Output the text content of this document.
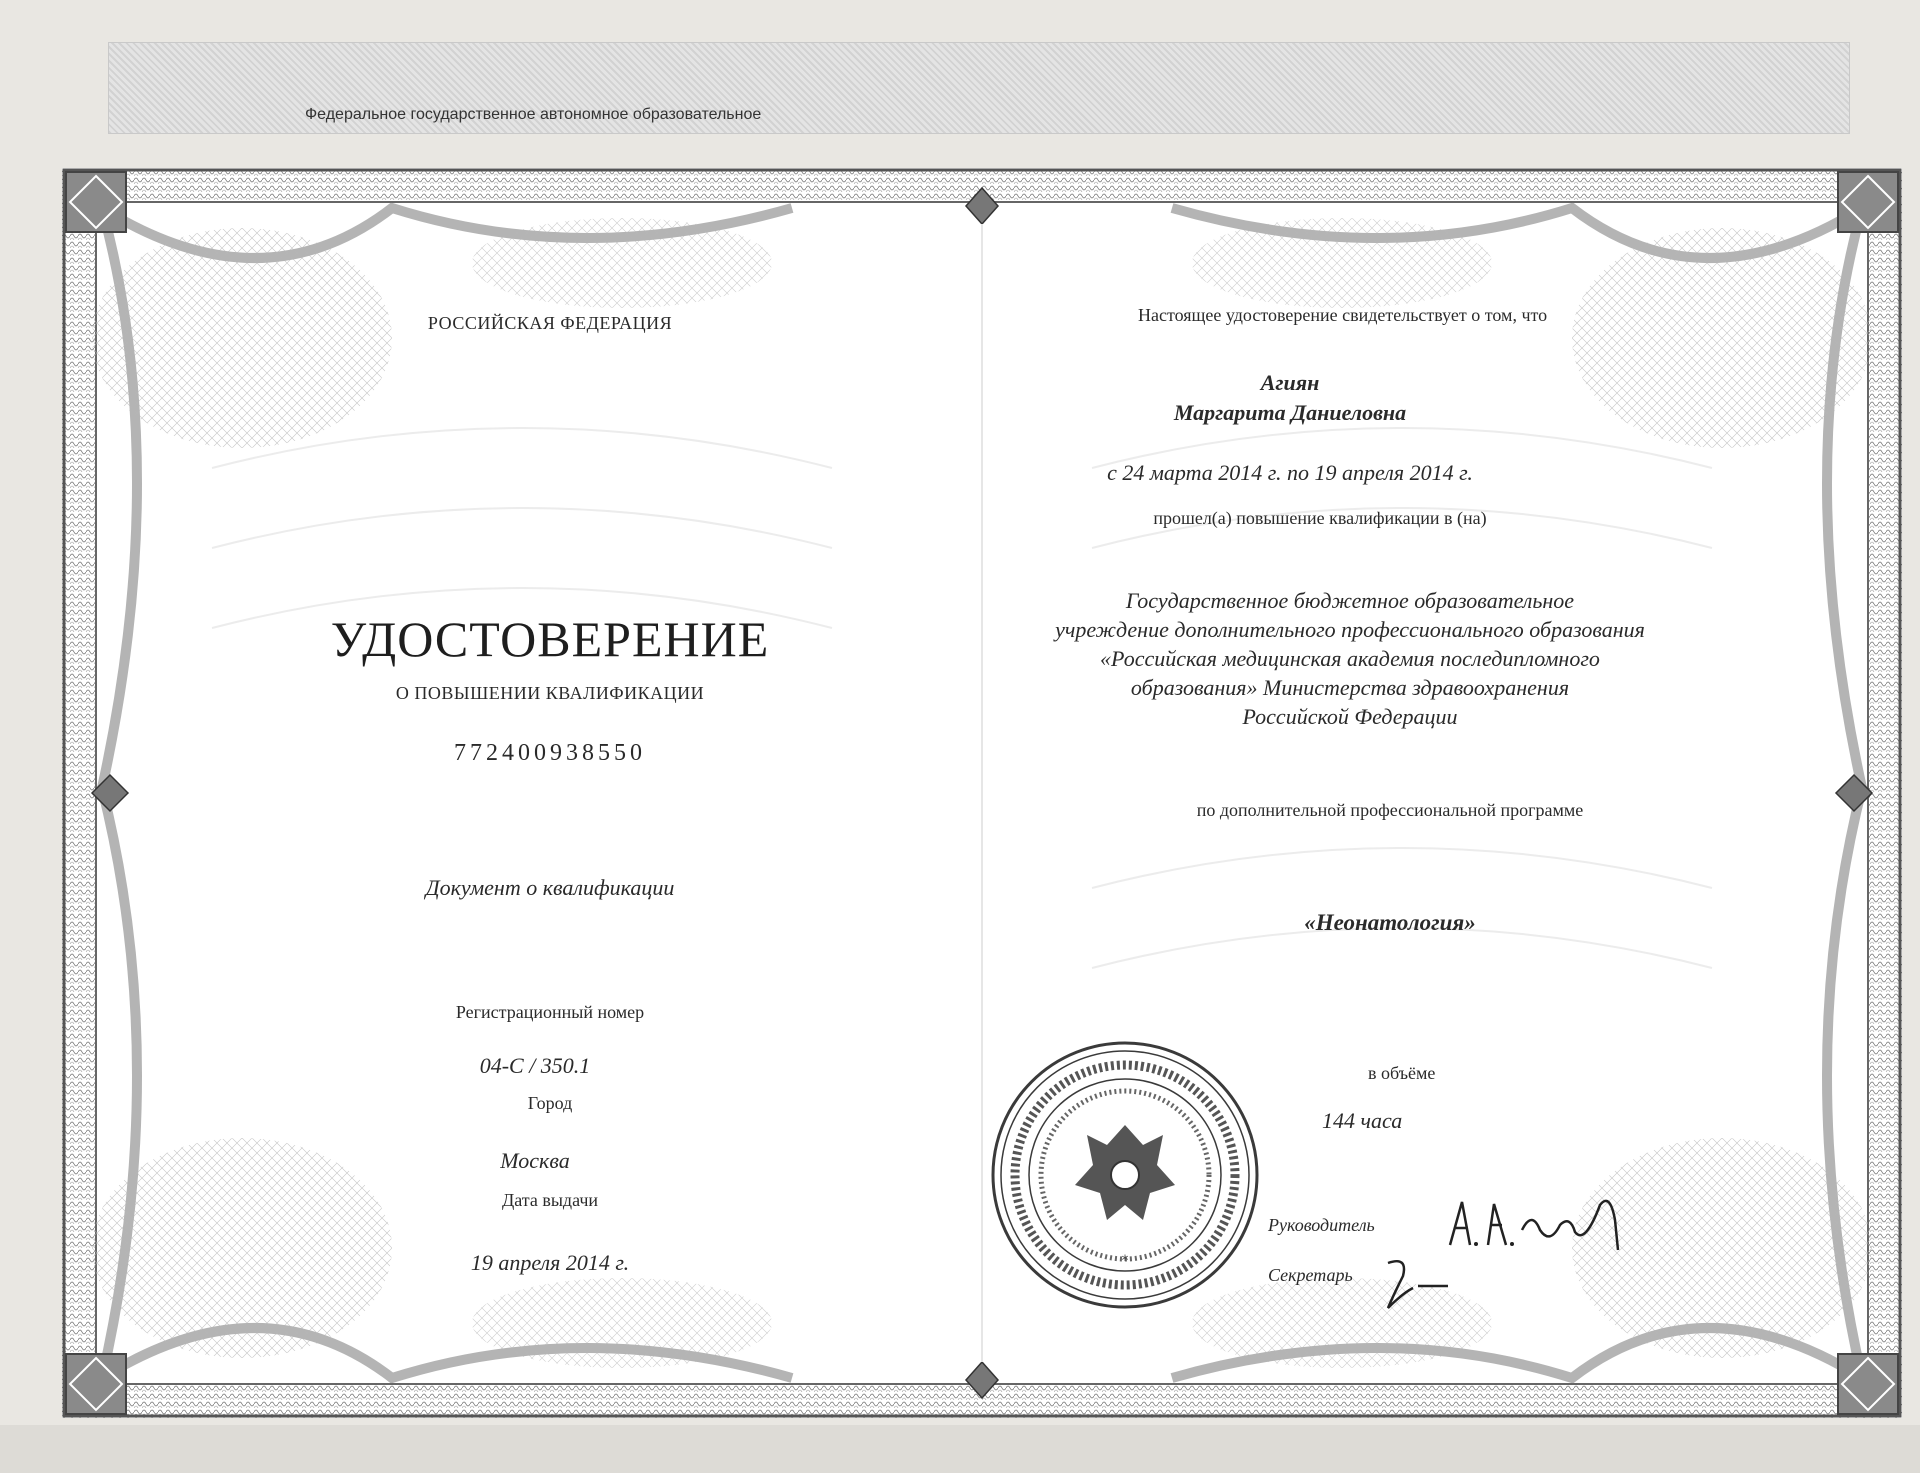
Федеральное государственное автономное образовательное
РОССИЙСКАЯ ФЕДЕРАЦИЯ
УДОСТОВЕРЕНИЕ
О ПОВЫШЕНИИ КВАЛИФИКАЦИИ
772400938550
Документ о квалификации
Регистрационный номер
04-С / 350.1
Город
Москва
Дата выдачи
19 апреля 2014 г.
Настоящее удостоверение свидетельствует о том, что
Агиян
Маргарита Даниеловна
с 24 марта 2014 г. по 19 апреля 2014 г.
прошел(а) повышение квалификации в (на)
Государственное бюджетное образовательное
учреждение дополнительного профессионального образования
«Российская медицинская академия последипломного
образования» Министерства здравоохранения
Российской Федерации
по дополнительной профессиональной программе
«Неонатология»
в объёме
144 часа
Руководитель
Секретарь
*
